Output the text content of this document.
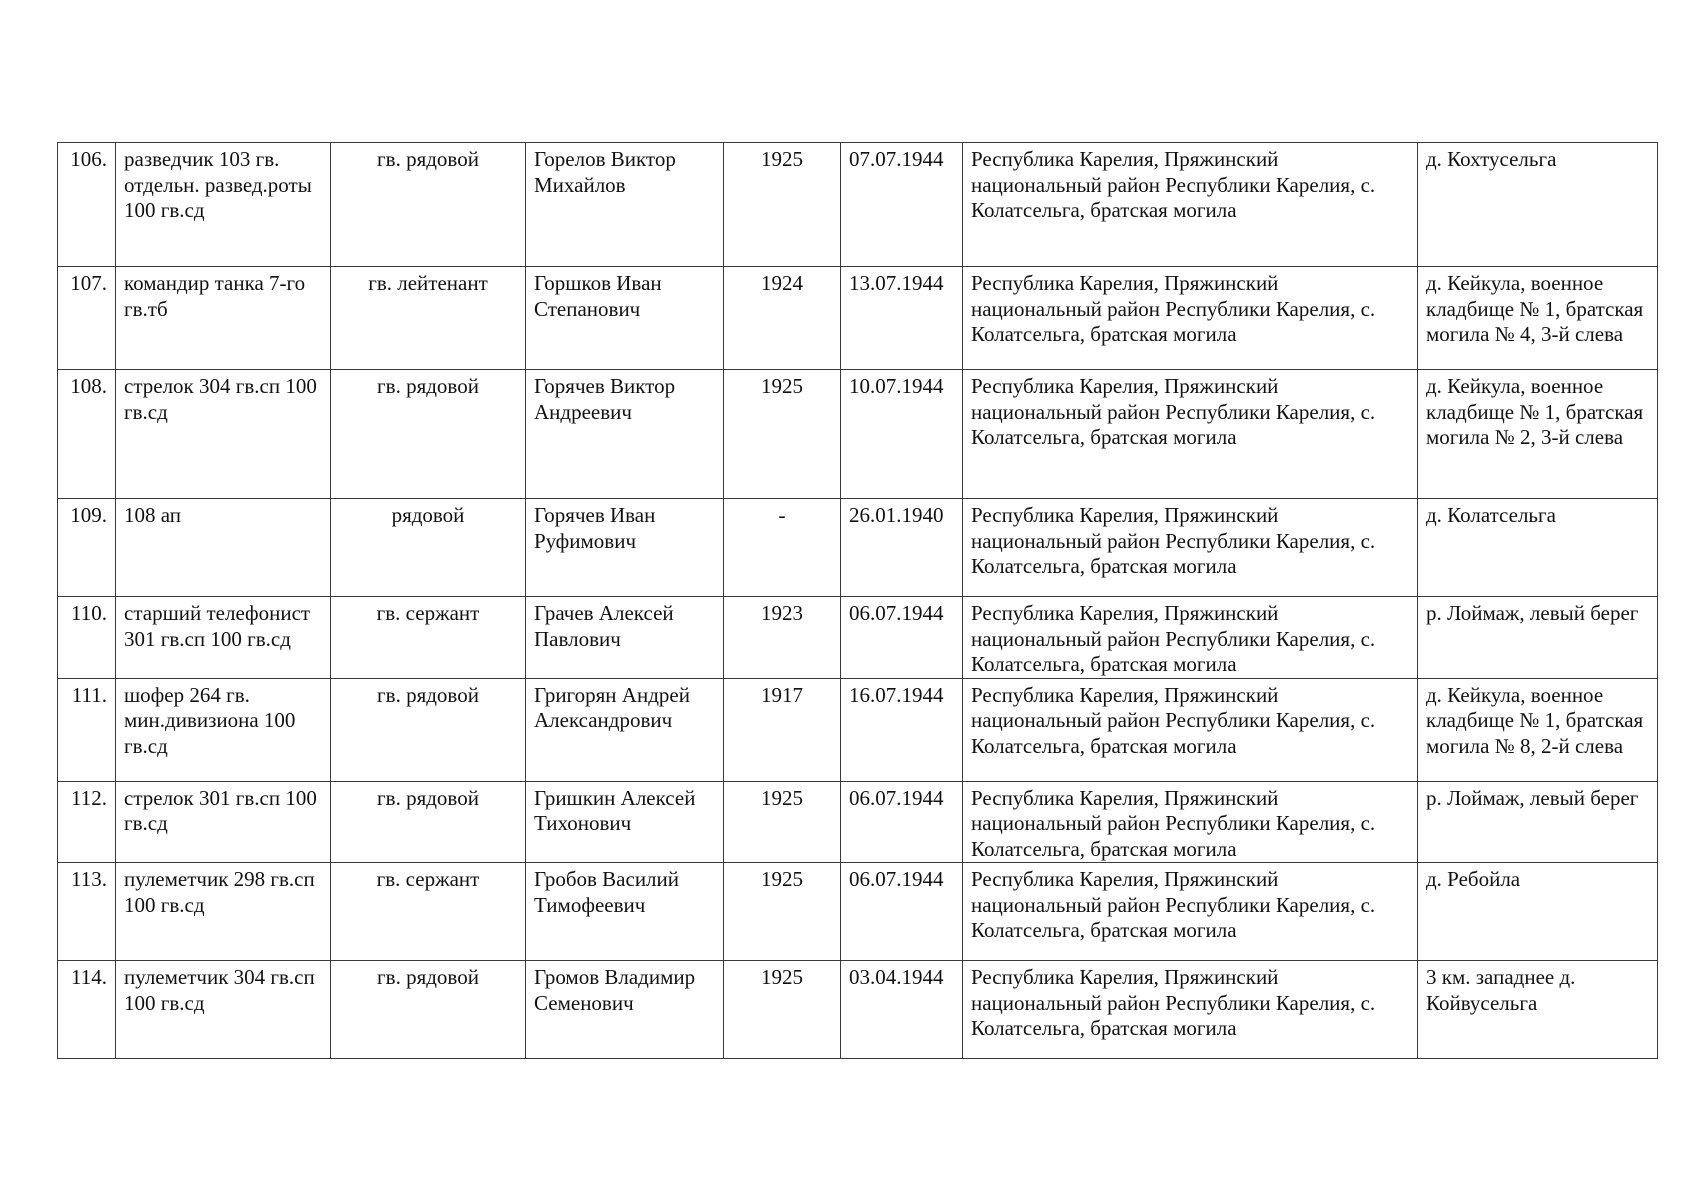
106.	разведчик 103 гв. отдельн. развед.роты 100 гв.сд	гв. рядовой	Горелов Виктор Михайлов	1925	07.07.1944	Республика Карелия, Пряжинский национальный район Республики Карелия, с. Колатсельга, братская могила	д. Кохтусельга
107.	командир танка 7-го гв.тб	гв. лейтенант	Горшков Иван Степанович	1924	13.07.1944	Республика Карелия, Пряжинский национальный район Республики Карелия, с. Колатсельга, братская могила	д. Кейкула, военное кладбище № 1, братская могила № 4, 3-й слева
108.	стрелок 304 гв.сп 100 гв.сд	гв. рядовой	Горячев Виктор Андреевич	1925	10.07.1944	Республика Карелия, Пряжинский национальный район Республики Карелия, с. Колатсельга, братская могила	д. Кейкула, военное кладбище № 1, братская могила № 2, 3-й слева
109.	108 ап	рядовой	Горячев Иван Руфимович	-	26.01.1940	Республика Карелия, Пряжинский национальный район Республики Карелия, с. Колатсельга, братская могила	д. Колатсельга
110.	старший телефонист 301 гв.сп 100 гв.сд	гв. сержант	Грачев Алексей Павлович	1923	06.07.1944	Республика Карелия, Пряжинский национальный район Республики Карелия, с. Колатсельга, братская могила	р. Лоймаж, левый берег
111.	шофер 264 гв. мин.дивизиона 100 гв.сд	гв. рядовой	Григорян Андрей Александрович	1917	16.07.1944	Республика Карелия, Пряжинский национальный район Республики Карелия, с. Колатсельга, братская могила	д. Кейкула, военное кладбище № 1, братская могила № 8, 2-й слева
112.	стрелок 301 гв.сп 100 гв.сд	гв. рядовой	Гришкин Алексей Тихонович	1925	06.07.1944	Республика Карелия, Пряжинский национальный район Республики Карелия, с. Колатсельга, братская могила	р. Лоймаж, левый берег
113.	пулеметчик 298 гв.сп 100 гв.сд	гв. сержант	Гробов Василий Тимофеевич	1925	06.07.1944	Республика Карелия, Пряжинский национальный район Республики Карелия, с. Колатсельга, братская могила	д. Ребойла
114.	пулеметчик 304 гв.сп 100 гв.сд	гв. рядовой	Громов Владимир Семенович	1925	03.04.1944	Республика Карелия, Пряжинский национальный район Республики Карелия, с. Колатсельга, братская могила	3 км. западнее д. Койвусельга
